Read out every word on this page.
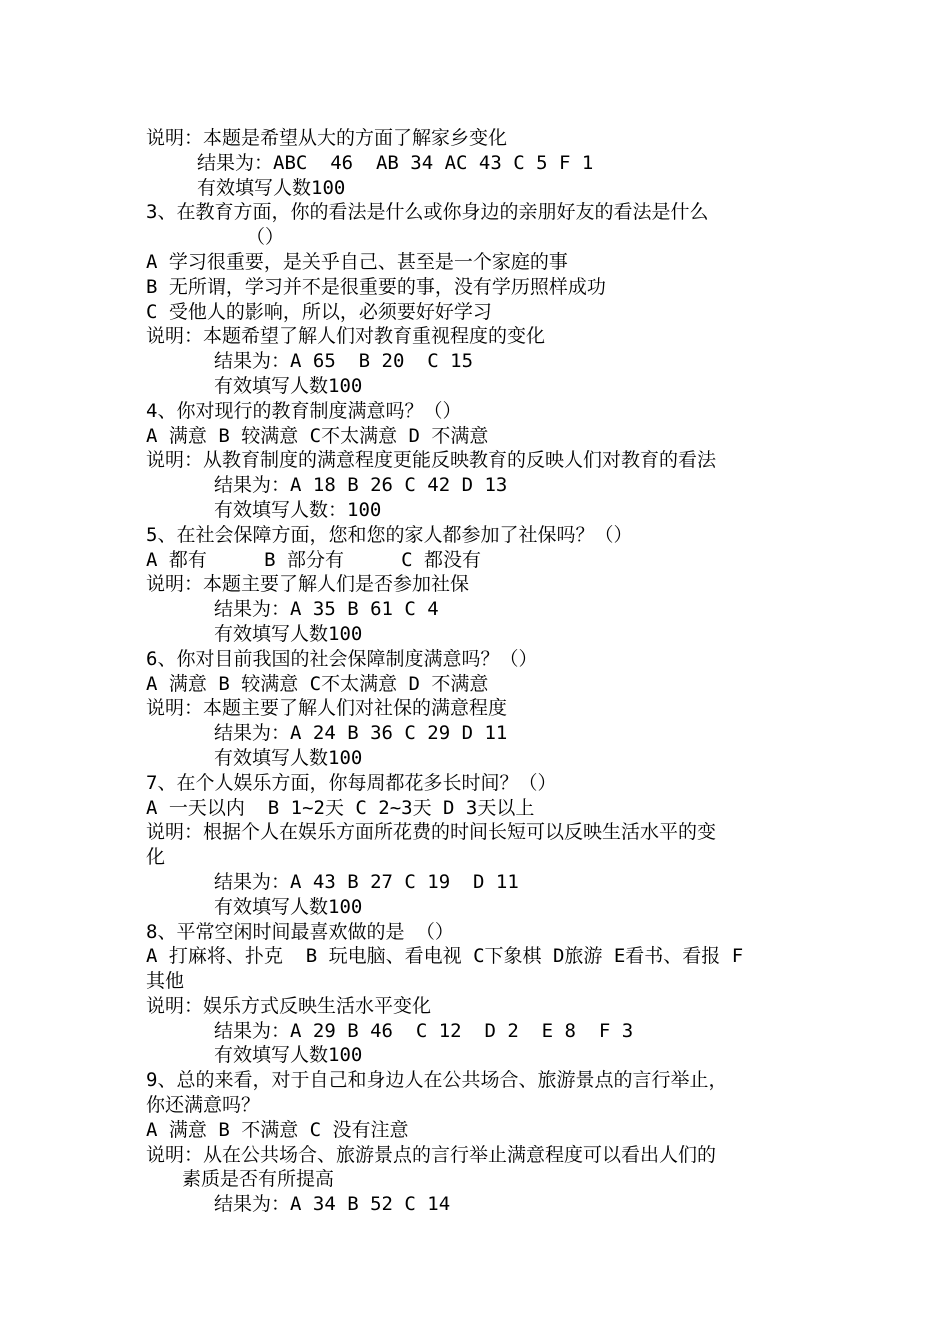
说明：本题是希望从大的方面了解家乡变化
结果为：ABC  46  AB 34 AC 43 C 5 F 1
有效填写人数100
3、在教育方面，你的看法是什么或你身边的亲朋好友的看法是什么
（）
A 学习很重要，是关乎自己、甚至是一个家庭的事
B 无所谓，学习并不是很重要的事，没有学历照样成功
C 受他人的影响，所以，必须要好好学习
说明：本题希望了解人们对教育重视程度的变化
结果为：A 65  B 20  C 15
有效填写人数100
4、你对现行的教育制度满意吗？（）
A 满意 B 较满意 C不太满意 D 不满意
说明：从教育制度的满意程度更能反映教育的反映人们对教育的看法
结果为：A 18 B 26 C 42 D 13
有效填写人数：100
5、在社会保障方面，您和您的家人都参加了社保吗？（）
A 都有     B 部分有     C 都没有
说明：本题主要了解人们是否参加社保
结果为：A 35 B 61 C 4
有效填写人数100
6、你对目前我国的社会保障制度满意吗？（）
A 满意 B 较满意 C不太满意 D 不满意
说明：本题主要了解人们对社保的满意程度
结果为：A 24 B 36 C 29 D 11
有效填写人数100
7、在个人娱乐方面，你每周都花多长时间？（）
A 一天以内  B 1~2天 C 2~3天 D 3天以上
说明：根据个人在娱乐方面所花费的时间长短可以反映生活水平的变
化
结果为：A 43 B 27 C 19  D 11
有效填写人数100
8、平常空闲时间最喜欢做的是 （）
A 打麻将、扑克  B 玩电脑、看电视 C下象棋 D旅游 E看书、看报 F
其他
说明：娱乐方式反映生活水平变化
结果为：A 29 B 46  C 12  D 2  E 8  F 3
有效填写人数100
9、总的来看，对于自己和身边人在公共场合、旅游景点的言行举止，
你还满意吗？
A 满意 B 不满意 C 没有注意
说明：从在公共场合、旅游景点的言行举止满意程度可以看出人们的
素质是否有所提高
结果为：A 34 B 52 C 14
